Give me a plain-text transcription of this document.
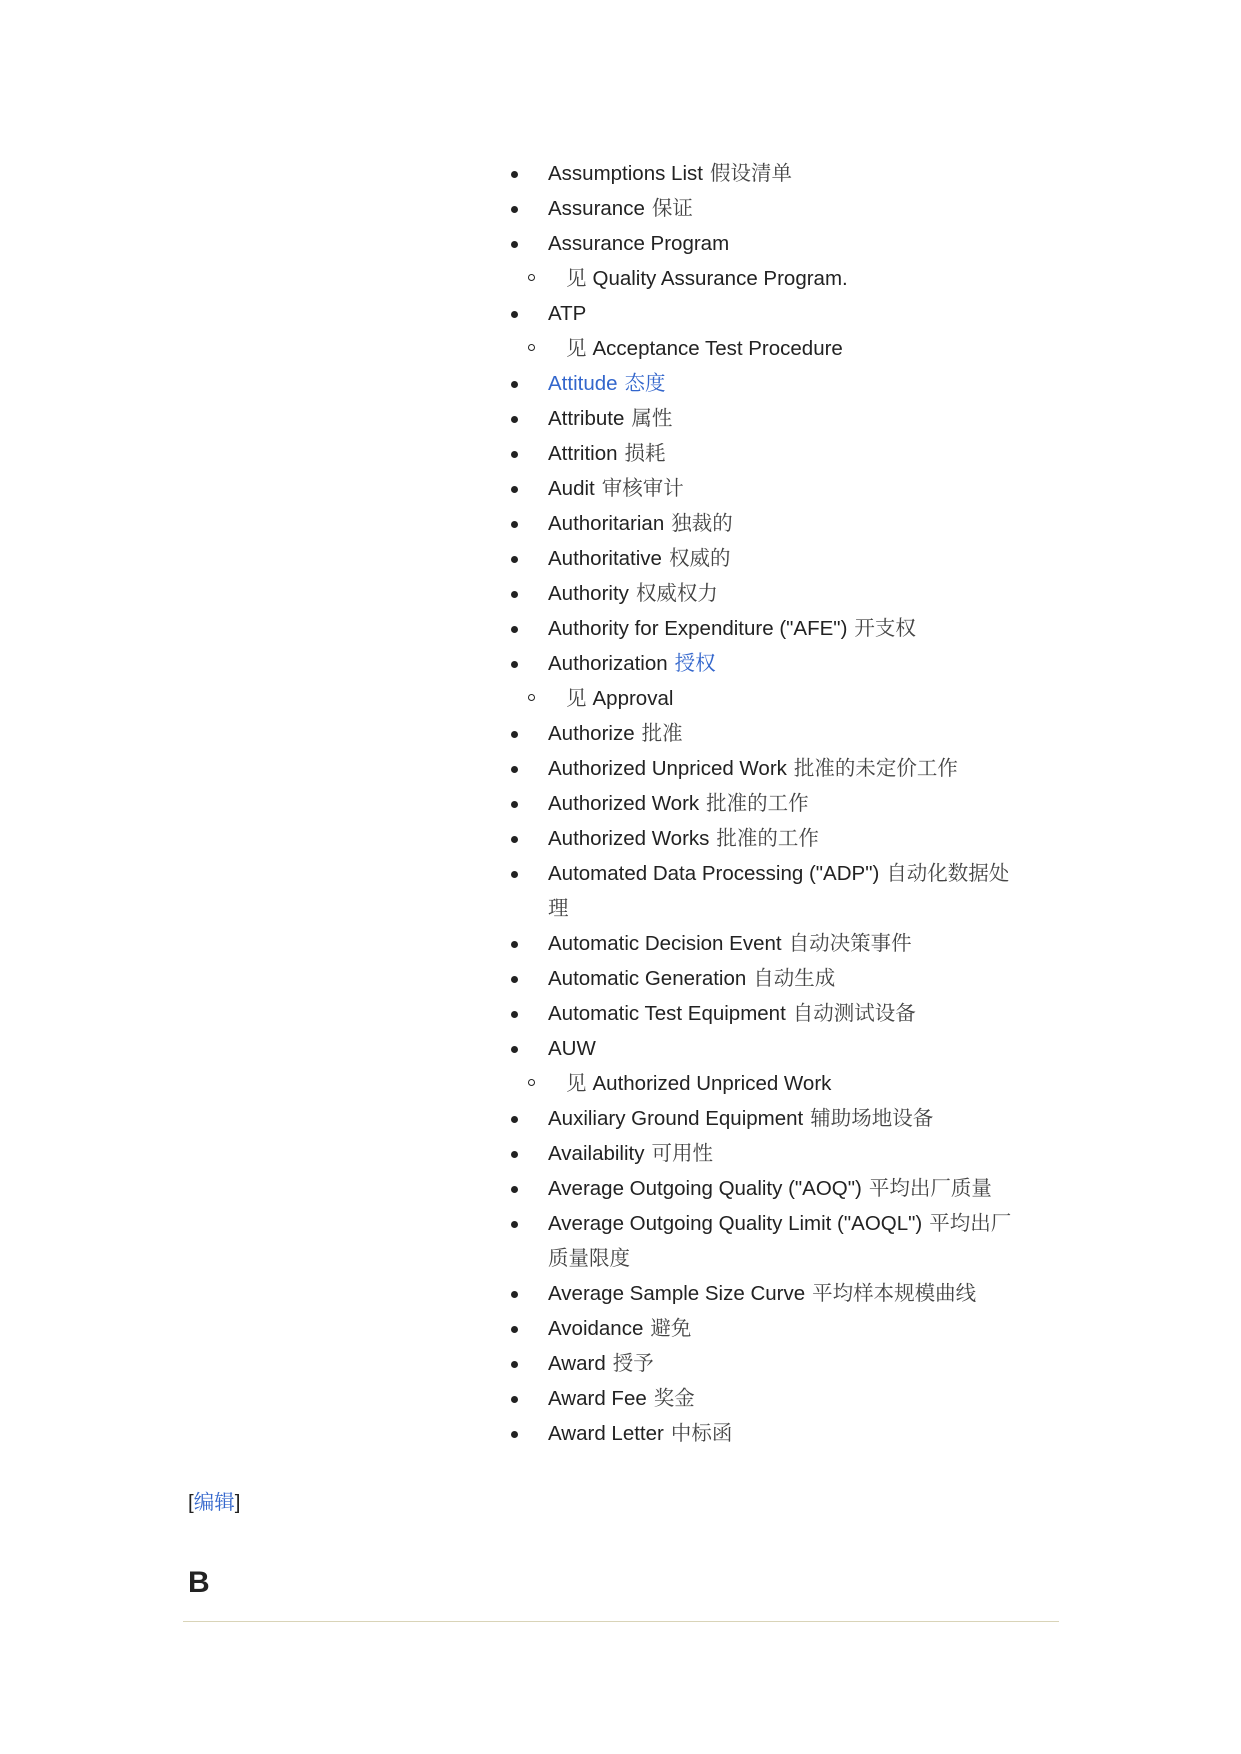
Assumptions List 假设清单
Assurance 保证
Assurance Program
见 Quality Assurance Program.
ATP
见 Acceptance Test Procedure
Attitude 态度
Attribute 属性
Attrition 损耗
Audit 审核审计
Authoritarian 独裁的
Authoritative 权威的
Authority 权威权力
Authority for Expenditure ("AFE") 开支权
Authorization 授权
见 Approval
Authorize 批准
Authorized Unpriced Work 批准的未定价工作
Authorized Work 批准的工作
Authorized Works 批准的工作
Automated Data Processing ("ADP") 自动化数据处理
Automatic Decision Event 自动决策事件
Automatic Generation 自动生成
Automatic Test Equipment 自动测试设备
AUW
见 Authorized Unpriced Work
Auxiliary Ground Equipment 辅助场地设备
Availability 可用性
Average Outgoing Quality ("AOQ") 平均出厂质量
Average Outgoing Quality Limit ("AOQL") 平均出厂质量限度
Average Sample Size Curve 平均样本规模曲线
Avoidance 避免
Award 授予
Award Fee 奖金
Award Letter 中标函
[编辑]
B
